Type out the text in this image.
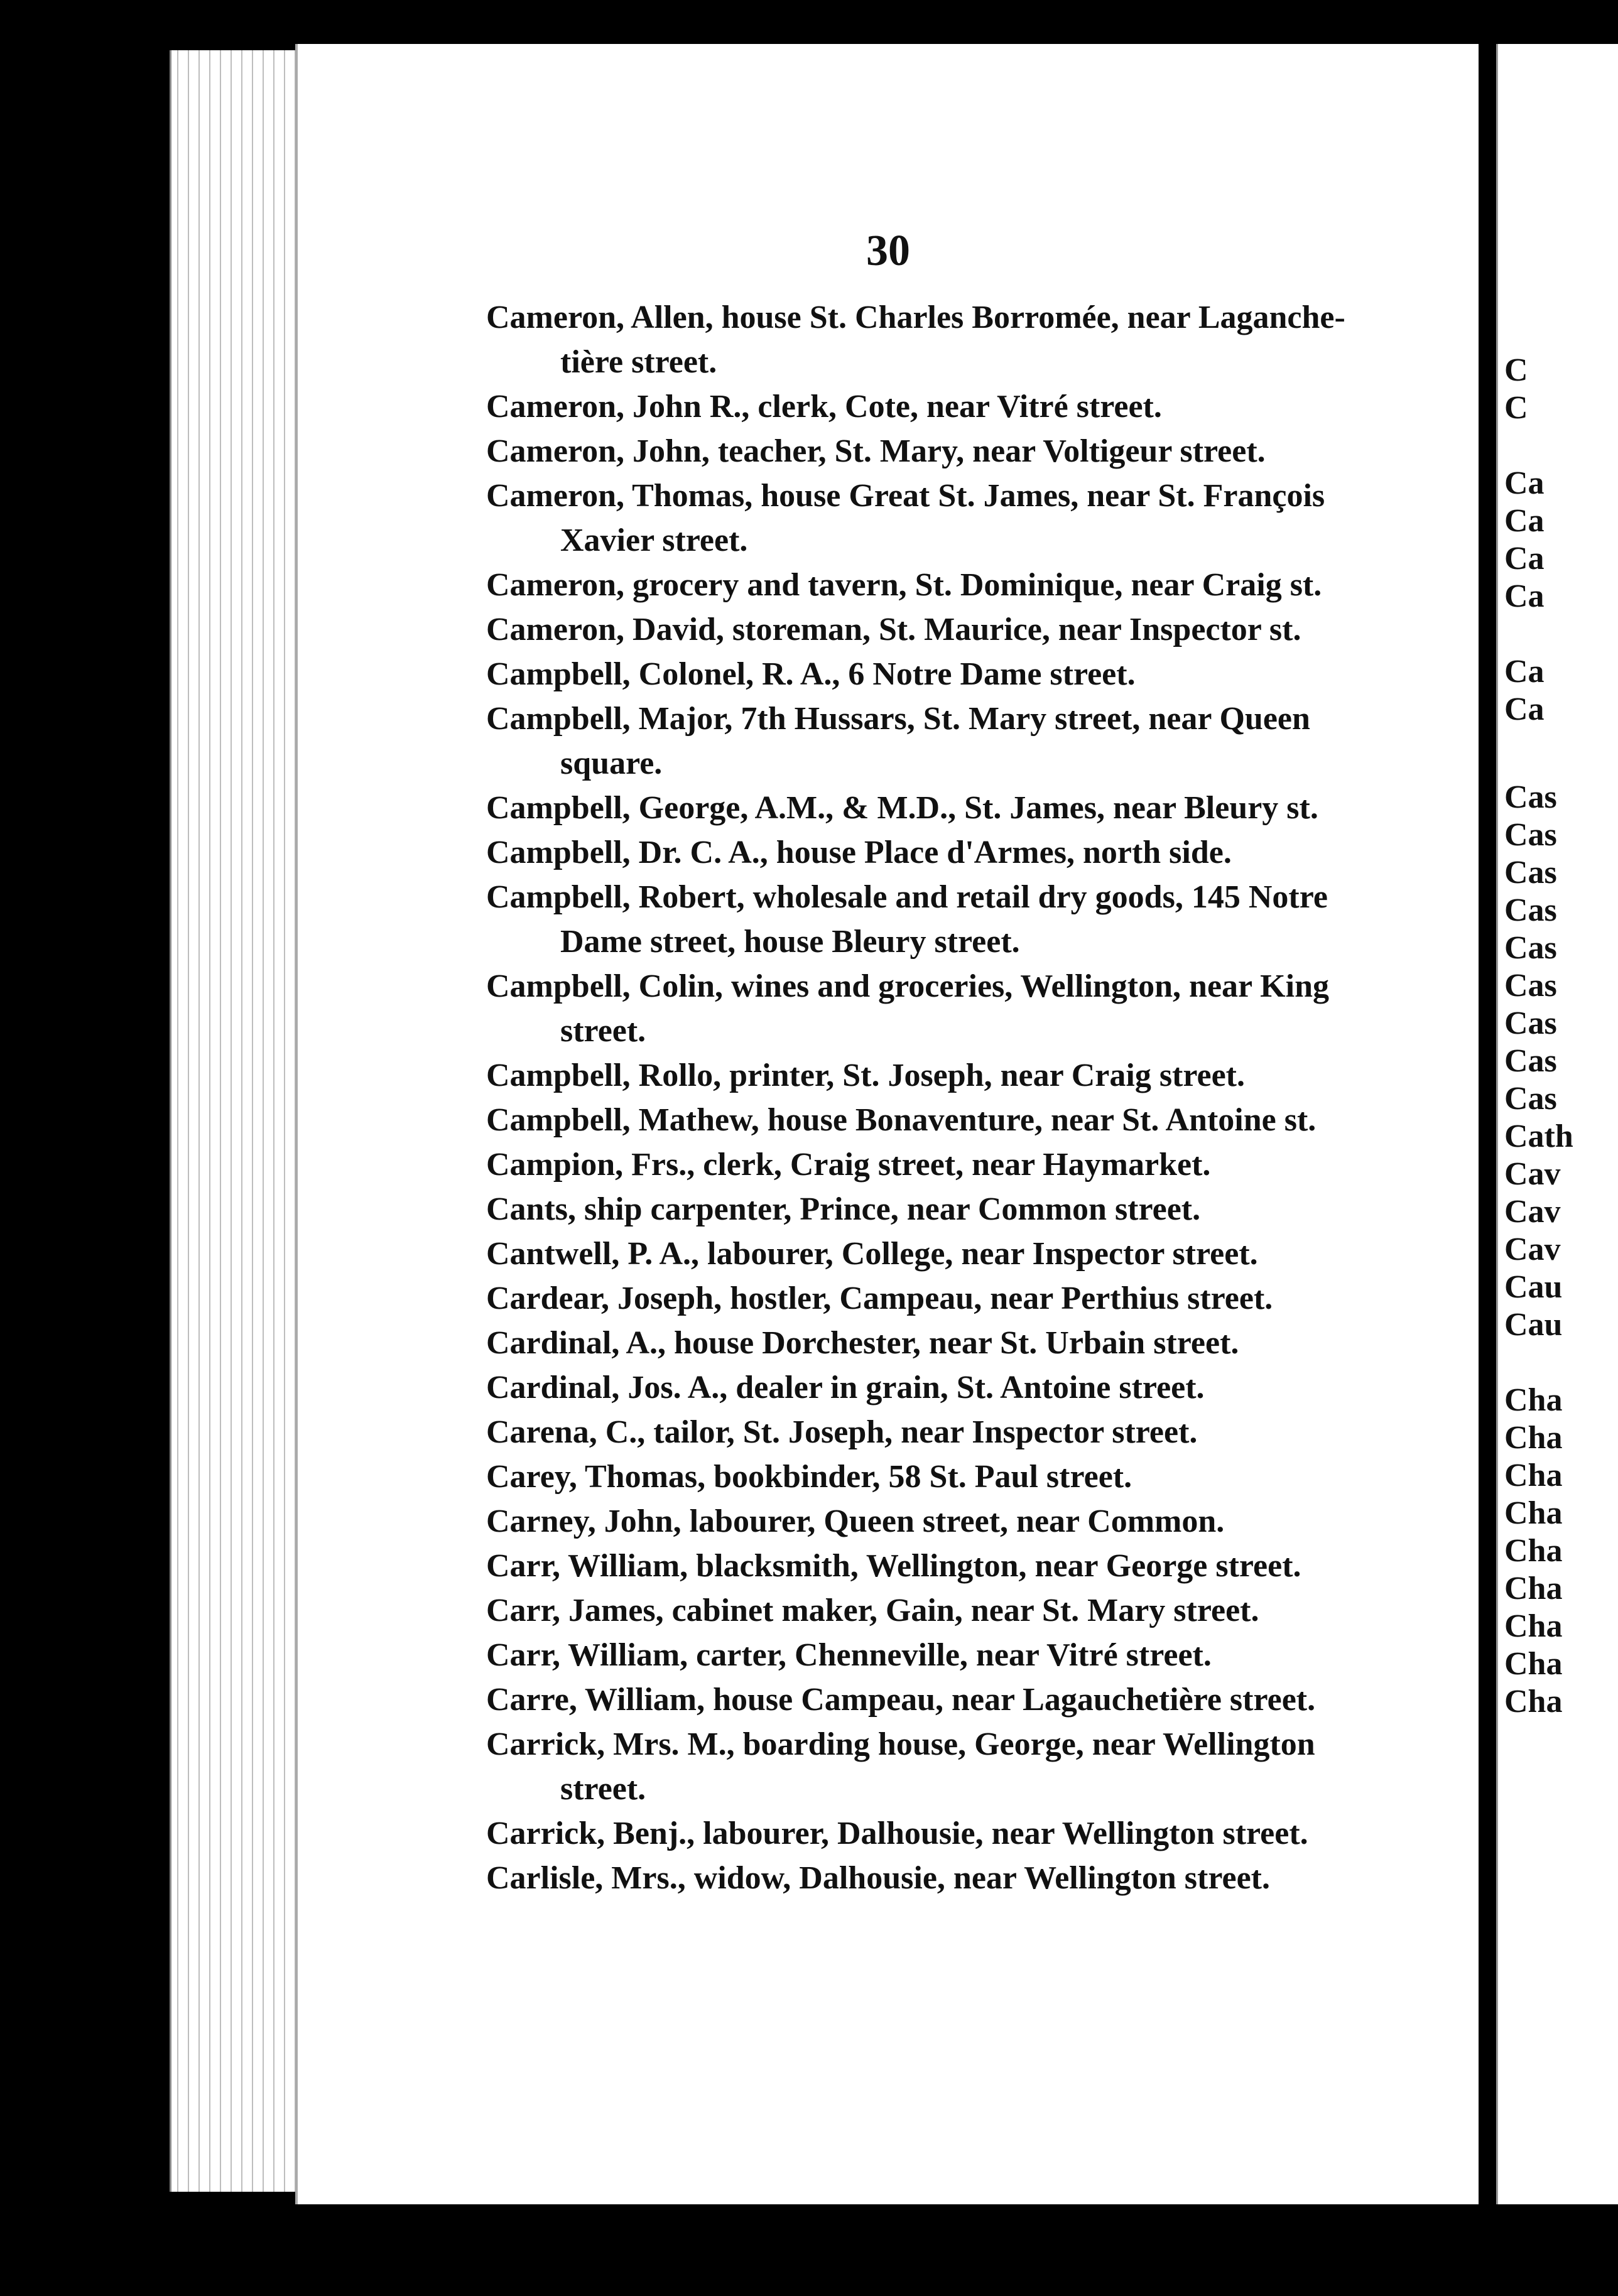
30
Cameron, Allen, house St. Charles Borromée, near Laganche-
tière street.
Cameron, John R., clerk, Cote, near Vitré street.
Cameron, John, teacher, St. Mary, near Voltigeur street.
Cameron, Thomas, house Great St. James, near St. François
Xavier street.
Cameron, grocery and tavern, St. Dominique, near Craig st.
Cameron, David, storeman, St. Maurice, near Inspector st.
Campbell, Colonel, R. A., 6 Notre Dame street.
Campbell, Major, 7th Hussars, St. Mary street, near Queen
square.
Campbell, George, A.M., & M.D., St. James, near Bleury st.
Campbell, Dr. C. A., house Place d'Armes, north side.
Campbell, Robert, wholesale and retail dry goods, 145 Notre
Dame street, house Bleury street.
Campbell, Colin, wines and groceries, Wellington, near King
street.
Campbell, Rollo, printer, St. Joseph, near Craig street.
Campbell, Mathew, house Bonaventure, near St. Antoine st.
Campion, Frs., clerk, Craig street, near Haymarket.
Cants, ship carpenter, Prince, near Common street.
Cantwell, P. A., labourer, College, near Inspector street.
Cardear, Joseph, hostler, Campeau, near Perthius street.
Cardinal, A., house Dorchester, near St. Urbain street.
Cardinal, Jos. A., dealer in grain, St. Antoine street.
Carena, C., tailor, St. Joseph, near Inspector street.
Carey, Thomas, bookbinder, 58 St. Paul street.
Carney, John, labourer, Queen street, near Common.
Carr, William, blacksmith, Wellington, near George street.
Carr, James, cabinet maker, Gain, near St. Mary street.
Carr, William, carter, Chenneville, near Vitré street.
Carre, William, house Campeau, near Lagauchetière street.
Carrick, Mrs. M., boarding house, George, near Wellington
street.
Carrick, Benj., labourer, Dalhousie, near Wellington street.
Carlisle, Mrs., widow, Dalhousie, near Wellington street.
C
C
Ca
Ca
Ca
Ca
Ca
Ca
Cas
Cas
Cas
Cas
Cas
Cas
Cas
Cas
Cas
Cath
Cav
Cav
Cav
Cau
Cau
Cha
Cha
Cha
Cha
Cha
Cha
Cha
Cha
Cha
